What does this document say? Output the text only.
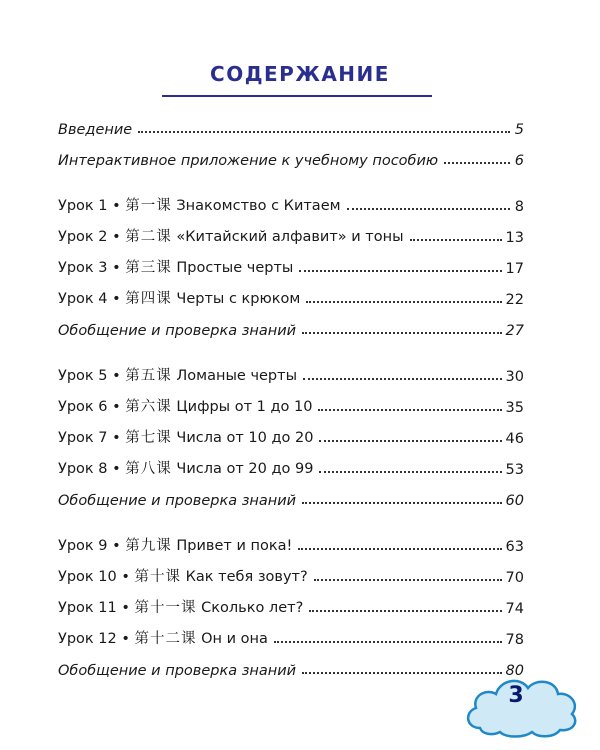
СОДЕРЖАНИЕ
Введение	5
Интерактивное приложение к учебному пособию	6
Урок 1 • 第一课 Знакомство с Китаем	8
Урок 2 • 第二课 «Китайский алфавит» и тоны	13
Урок 3 • 第三课 Простые черты	17
Урок 4 • 第四课 Черты с крюком	22
Обобщение и проверка знаний	27
Урок 5 • 第五课 Ломаные черты	30
Урок 6 • 第六课 Цифры от 1 до 10	35
Урок 7 • 第七课 Числа от 10 до 20	46
Урок 8 • 第八课 Числа от 20 до 99	53
Обобщение и проверка знаний	60
Урок 9 • 第九课 Привет и пока!	63
Урок 10 • 第十课 Как тебя зовут?	70
Урок 11 • 第十一课 Сколько лет?	74
Урок 12 • 第十二课 Он и она	78
Обобщение и проверка знаний	80
3
